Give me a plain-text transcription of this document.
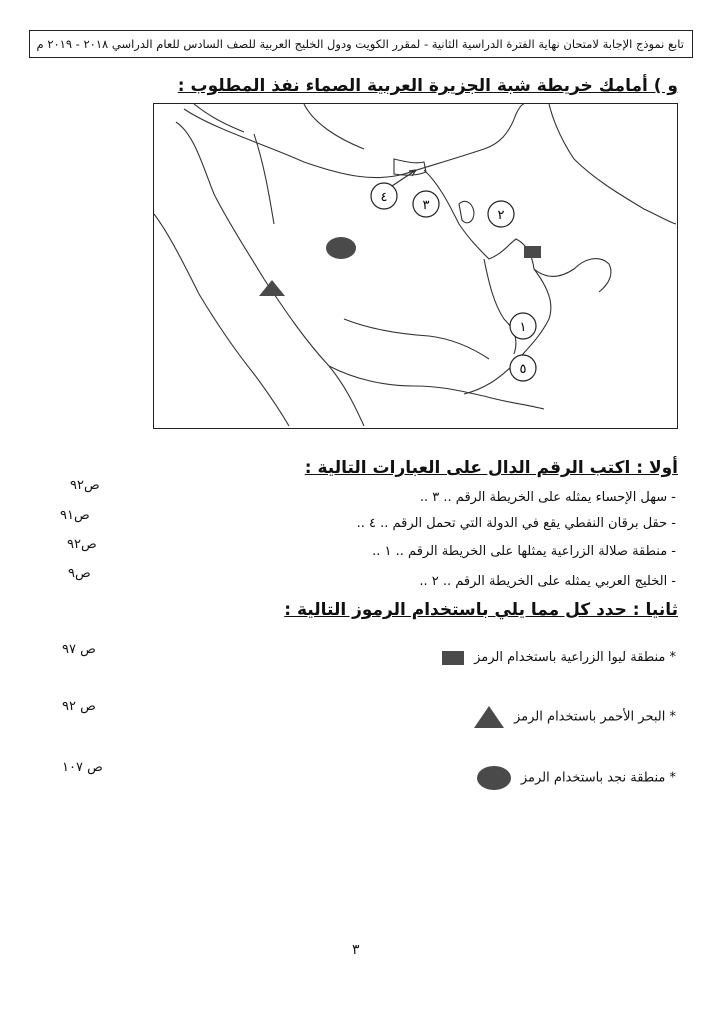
تابع نموذج الإجابة لامتحان نهاية الفترة الدراسية الثانية - لمقرر الكويت ودول الخليج العربية للصف السادس للعام الدراسي ٢٠١٨ - ٢٠١٩ م
و ) أمامك خريطة شبة الجزيرة العربية الصماء نفذ المطلوب :
٤
٣
٢
١
٥
أولا : اكتب الرقم الدال على العبارات التالية :
- سهل الإحساء يمثله على الخريطة الرقم .. ٣ ..
ص٩٢
- حقل برقان النفطي يقع في الدولة التي تحمل الرقم .. ٤ ..
ص٩١
- منطقة صلالة الزراعية يمثلها على الخريطة الرقم .. ١ ..
ص٩٢
- الخليج العربي يمثله على الخريطة الرقم .. ٢ ..
ص٩
ثانيا : حدد كل مما يلي باستخدام الرموز التالية :
* منطقة ليوا الزراعية باستخدام الرمز
ص ٩٧
* البحر الأحمر باستخدام الرمز
ص ٩٢
* منطقة نجد باستخدام الرمز
ص ١٠٧
٣
